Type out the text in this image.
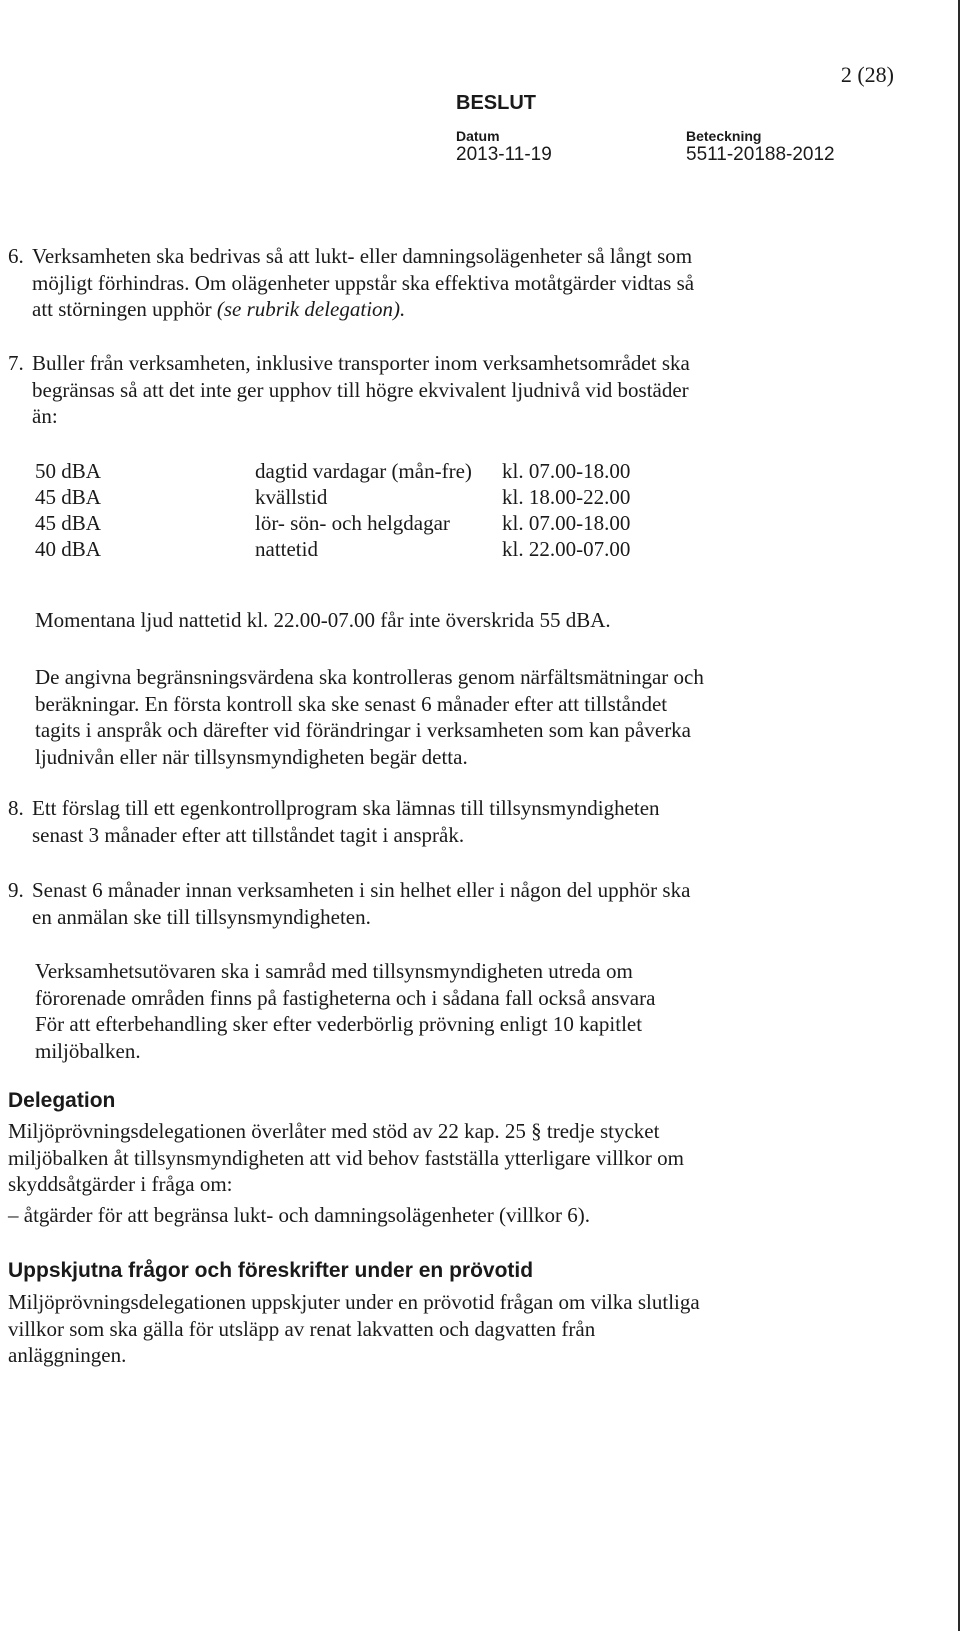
2 (28)
BESLUT
Datum
2013-11-19
Beteckning
5511-20188-2012
6. Verksamheten ska bedrivas så att lukt- eller damningsolägenheter så långt som
möjligt förhindras. Om olägenheter uppstår ska effektiva motåtgärder vidtas så
att störningen upphör (se rubrik delegation).
7. Buller från verksamheten, inklusive transporter inom verksamhetsområdet ska
begränsas så att det inte ger upphov till högre ekvivalent ljudnivå vid bostäder
än:
50 dBA	dagtid vardagar (mån-fre) kl. 07.00-18.00
45 dBA	kvällstid	kl. 18.00-22.00
45 dBA	lör- sön- och helgdagar kl. 07.00-18.00
40 dBA	nattetid	kl. 22.00-07.00
Momentana ljud nattetid kl. 22.00-07.00 får inte överskrida 55 dBA.
De angivna begränsningsvärdena ska kontrolleras genom närfältsmätningar och
beräkningar. En första kontroll ska ske senast 6 månader efter att tillståndet
tagits i anspråk och därefter vid förändringar i verksamheten som kan påverka
ljudnivån eller när tillsynsmyndigheten begär detta.
8. Ett förslag till ett egenkontrollprogram ska lämnas till tillsynsmyndigheten
senast 3 månader efter att tillståndet tagit i anspråk.
9. Senast 6 månader innan verksamheten i sin helhet eller i någon del upphör ska
en anmälan ske till tillsynsmyndigheten.
Verksamhetsutövaren ska i samråd med tillsynsmyndigheten utreda om
förorenade områden finns på fastigheterna och i sådana fall också ansvara
För att efterbehandling sker efter vederbörlig prövning enligt 10 kapitlet
miljöbalken.
Delegation
Miljöprövningsdelegationen överlåter med stöd av 22 kap. 25 § tredje stycket
miljöbalken åt tillsynsmyndigheten att vid behov fastställa ytterligare villkor om
skyddsåtgärder i fråga om:
– åtgärder för att begränsa lukt- och damningsolägenheter (villkor 6).
Uppskjutna frågor och föreskrifter under en prövotid
Miljöprövningsdelegationen uppskjuter under en prövotid frågan om vilka slutliga
villkor som ska gälla för utsläpp av renat lakvatten och dagvatten från
anläggningen.
